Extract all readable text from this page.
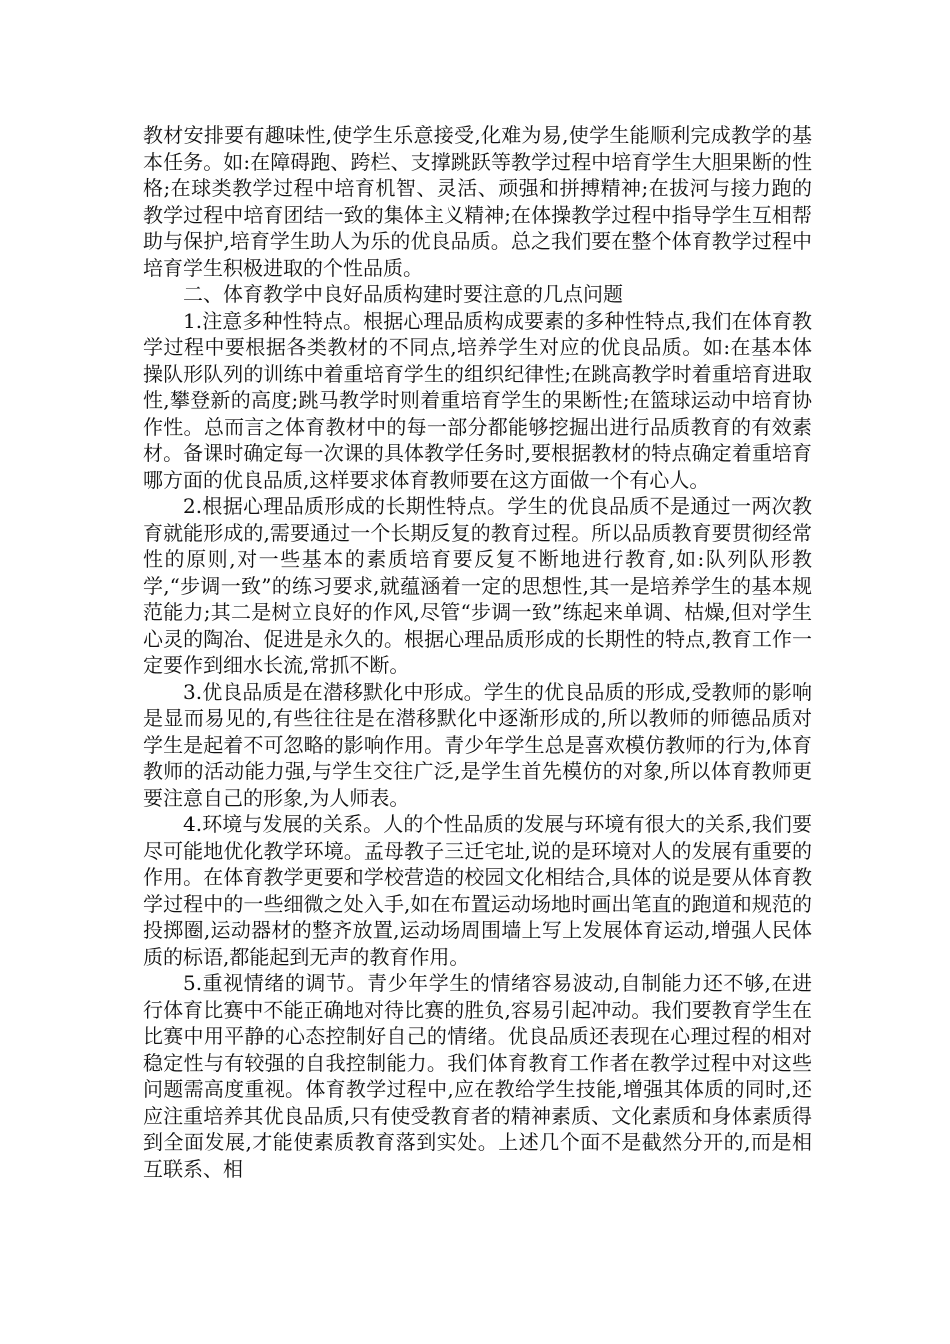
教材安排要有趣味性,使学生乐意接受,化难为易,使学生能顺利完成教学的基本任务。如:在障碍跑、跨栏、支撑跳跃等教学过程中培育学生大胆果断的性格;在球类教学过程中培育机智、灵活、顽强和拼搏精神;在拔河与接力跑的教学过程中培育团结一致的集体主义精神;在体操教学过程中指导学生互相帮助与保护,培育学生助人为乐的优良品质。总之我们要在整个体育教学过程中培育学生积极进取的个性品质。

二、体育教学中良好品质构建时要注意的几点问题

1.注意多种性特点。根据心理品质构成要素的多种性特点,我们在体育教学过程中要根据各类教材的不同点,培养学生对应的优良品质。如:在基本体操队形队列的训练中着重培育学生的组织纪律性;在跳高教学时着重培育进取性,攀登新的高度;跳马教学时则着重培育学生的果断性;在篮球运动中培育协作性。总而言之体育教材中的每一部分都能够挖掘出进行品质教育的有效素材。备课时确定每一次课的具体教学任务时,要根据教材的特点确定着重培育哪方面的优良品质,这样要求体育教师要在这方面做一个有心人。

2.根据心理品质形成的长期性特点。学生的优良品质不是通过一两次教育就能形成的,需要通过一个长期反复的教育过程。所以品质教育要贯彻经常性的原则,对一些基本的素质培育要反复不断地进行教育,如:队列队形教学,“步调一致”的练习要求,就蕴涵着一定的思想性,其一是培养学生的基本规范能力;其二是树立良好的作风,尽管“步调一致”练起来单调、枯燥,但对学生心灵的陶冶、促进是永久的。根据心理品质形成的长期性的特点,教育工作一定要作到细水长流,常抓不断。

3.优良品质是在潜移默化中形成。学生的优良品质的形成,受教师的影响是显而易见的,有些往往是在潜移默化中逐渐形成的,所以教师的师德品质对学生是起着不可忽略的影响作用。青少年学生总是喜欢模仿教师的行为,体育教师的活动能力强,与学生交往广泛,是学生首先模仿的对象,所以体育教师更要注意自己的形象,为人师表。

4.环境与发展的关系。人的个性品质的发展与环境有很大的关系,我们要尽可能地优化教学环境。孟母教子三迁宅址,说的是环境对人的发展有重要的作用。在体育教学更要和学校营造的校园文化相结合,具体的说是要从体育教学过程中的一些细微之处入手,如在布置运动场地时画出笔直的跑道和规范的投掷圈,运动器材的整齐放置,运动场周围墙上写上发展体育运动,增强人民体质的标语,都能起到无声的教育作用。

5.重视情绪的调节。青少年学生的情绪容易波动,自制能力还不够,在进行体育比赛中不能正确地对待比赛的胜负,容易引起冲动。我们要教育学生在比赛中用平静的心态控制好自己的情绪。优良品质还表现在心理过程的相对稳定性与有较强的自我控制能力。我们体育教育工作者在教学过程中对这些问题需高度重视。体育教学过程中,应在教给学生技能,增强其体质的同时,还应注重培养其优良品质,只有使受教育者的精神素质、文化素质和身体素质得到全面发展,才能使素质教育落到实处。上述几个面不是截然分开的,而是相互联系、相
